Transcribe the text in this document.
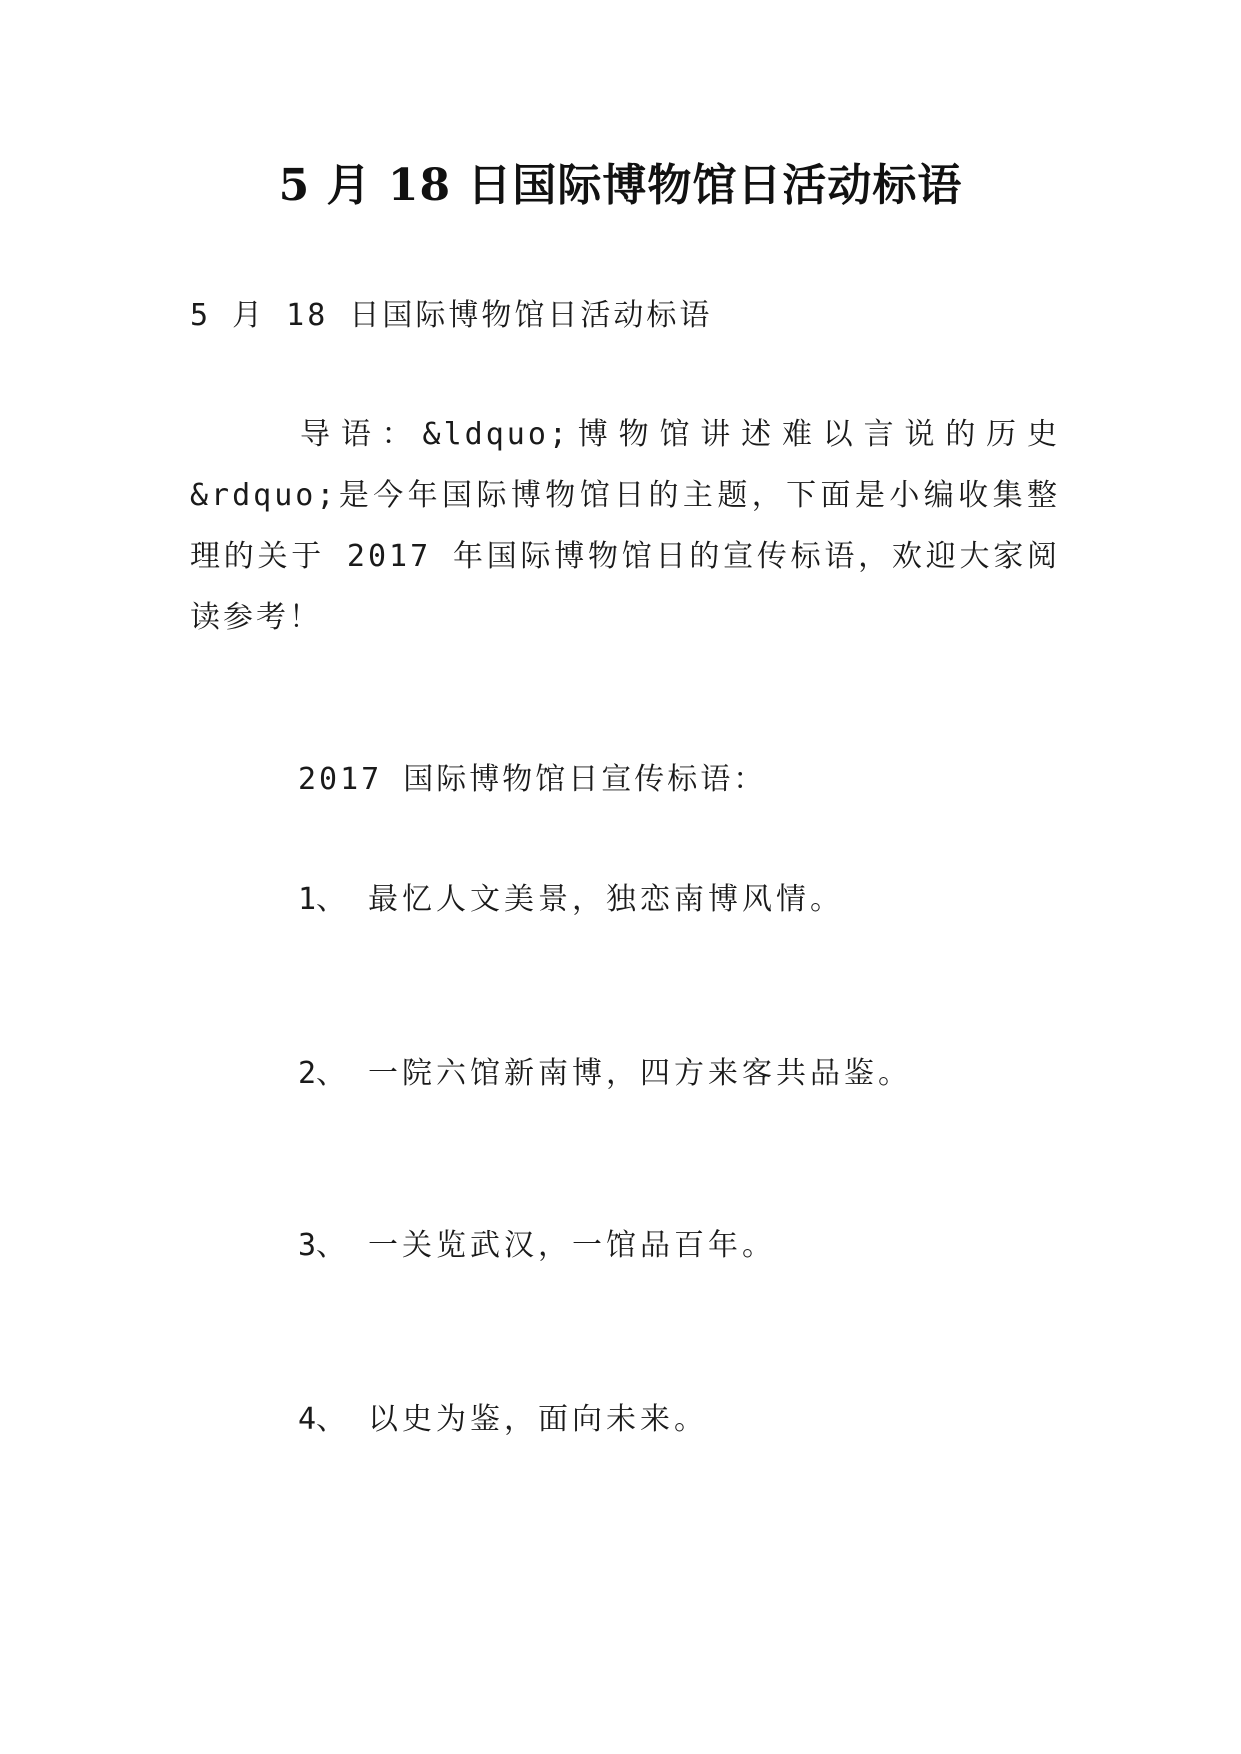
5 月 18 日国际博物馆日活动标语

5 月 18 日国际博物馆日活动标语

导语：&ldquo;博物馆讲述难以言说的历史&rdquo;是今年国际博物馆日的主题，下面是小编收集整理的关于 2017 年国际博物馆日的宣传标语，欢迎大家阅读参考！

2017 国际博物馆日宣传标语：

1、 最忆人文美景，独恋南博风情。

2、 一院六馆新南博，四方来客共品鉴。

3、 一关览武汉，一馆品百年。

4、 以史为鉴，面向未来。
